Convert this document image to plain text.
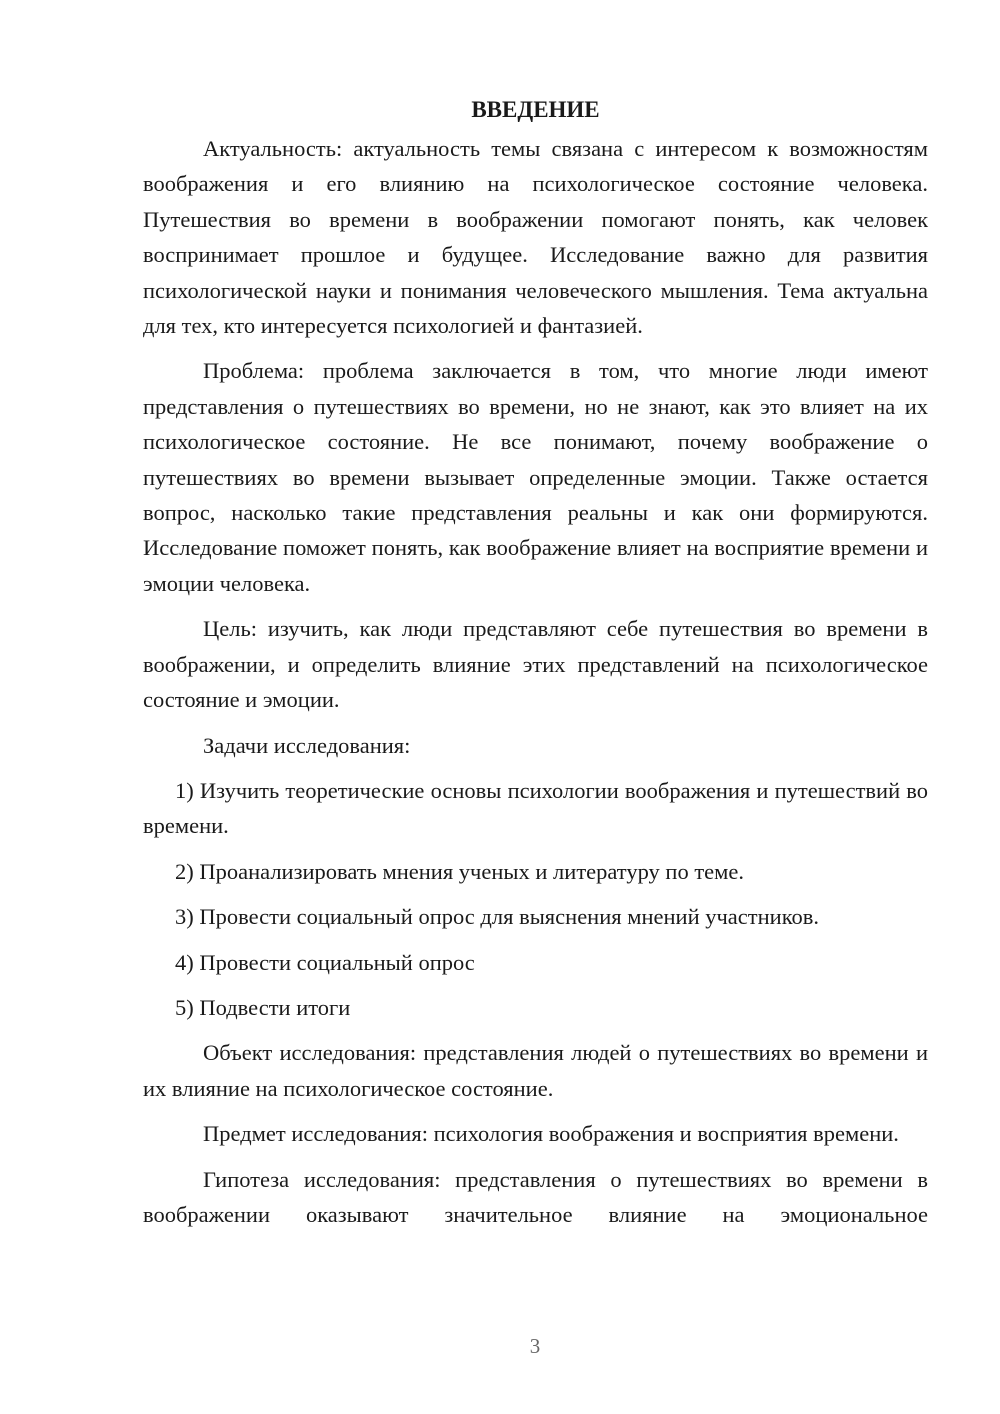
ВВЕДЕНИЕ

Актуальность: актуальность темы связана с интересом к возможностям воображения и его влиянию на психологическое состояние человека. Путешествия во времени в воображении помогают понять, как человек воспринимает прошлое и будущее. Исследование важно для развития психологической науки и понимания человеческого мышления. Тема актуальна для тех, кто интересуется психологией и фантазией.

Проблема: проблема заключается в том, что многие люди имеют представления о путешествиях во времени, но не знают, как это влияет на их психологическое состояние. Не все понимают, почему воображение о путешествиях во времени вызывает определенные эмоции. Также остается вопрос, насколько такие представления реальны и как они формируются. Исследование поможет понять, как воображение влияет на восприятие времени и эмоции человека.

Цель: изучить, как люди представляют себе путешествия во времени в воображении, и определить влияние этих представлений на психологическое состояние и эмоции.

Задачи исследования:

1) Изучить теоретические основы психологии воображения и путешествий во времени.

2) Проанализировать мнения ученых и литературу по теме.

3) Провести социальный опрос для выяснения мнений участников.

4) Провести социальный опрос

5) Подвести итоги

Объект исследования: представления людей о путешествиях во времени и их влияние на психологическое состояние.

Предмет исследования: психология воображения и восприятия времени.

Гипотеза исследования: представления о путешествиях во времени в воображении оказывают значительное влияние на эмоциональное

3
